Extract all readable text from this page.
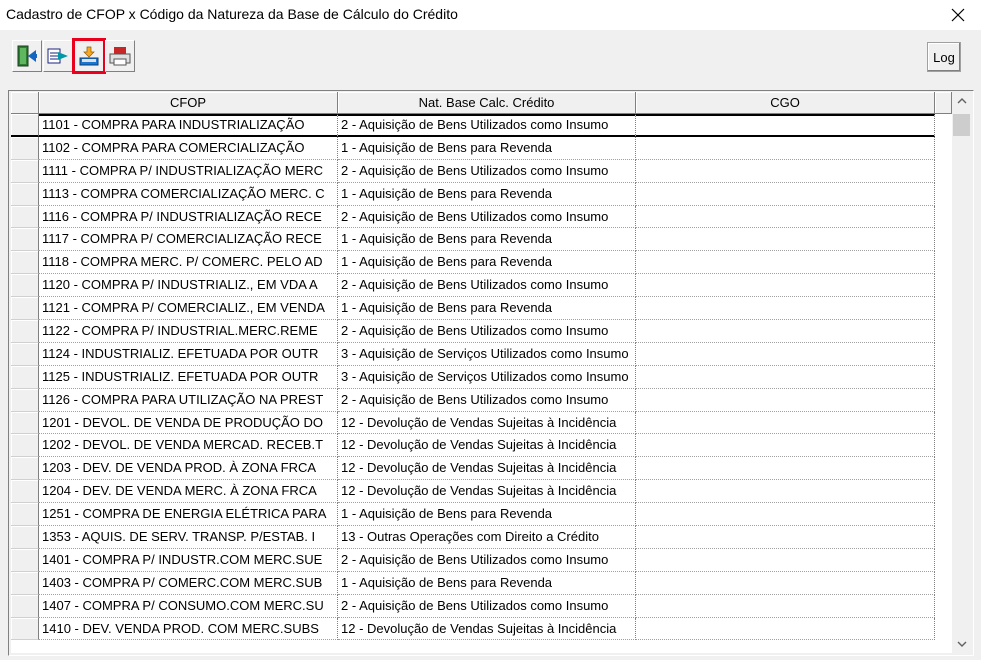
Cadastro de CFOP x Código da Natureza da Base de Cálculo do Crédito
Log
CFOP	Nat. Base Calc. Crédito	CGO
1101 - COMPRA PARA INDUSTRIALIZAÇÃO	2 - Aquisição de Bens Utilizados como Insumo
1102 - COMPRA PARA COMERCIALIZAÇÃO	1 - Aquisição de Bens para Revenda
1111 - COMPRA P/ INDUSTRIALIZAÇÃO MERC	2 - Aquisição de Bens Utilizados como Insumo
1113 - COMPRA COMERCIALIZAÇÃO MERC. C	1 - Aquisição de Bens para Revenda
1116 - COMPRA P/ INDUSTRIALIZAÇÃO RECE	2 - Aquisição de Bens Utilizados como Insumo
1117 - COMPRA P/ COMERCIALIZAÇÃO RECE	1 - Aquisição de Bens para Revenda
1118 - COMPRA MERC. P/ COMERC. PELO AD	1 - Aquisição de Bens para Revenda
1120 - COMPRA P/ INDUSTRIALIZ., EM VDA A	2 - Aquisição de Bens Utilizados como Insumo
1121 - COMPRA P/ COMERCIALIZ., EM VENDA	1 - Aquisição de Bens para Revenda
1122 - COMPRA P/ INDUSTRIAL.MERC.REME	2 - Aquisição de Bens Utilizados como Insumo
1124 - INDUSTRIALIZ. EFETUADA POR OUTR	3 - Aquisição de Serviços Utilizados como Insumo
1125 - INDUSTRIALIZ. EFETUADA POR OUTR	3 - Aquisição de Serviços Utilizados como Insumo
1126 - COMPRA PARA UTILIZAÇÃO NA PREST	2 - Aquisição de Bens Utilizados como Insumo
1201 - DEVOL. DE VENDA DE PRODUÇÃO DO	12 - Devolução de Vendas Sujeitas à Incidência
1202 - DEVOL. DE VENDA MERCAD. RECEB.T	12 - Devolução de Vendas Sujeitas à Incidência
1203 - DEV. DE VENDA PROD. À ZONA FRCA	12 - Devolução de Vendas Sujeitas à Incidência
1204 - DEV. DE VENDA MERC. À ZONA FRCA	12 - Devolução de Vendas Sujeitas à Incidência
1251 - COMPRA DE ENERGIA ELÉTRICA PARA	1 - Aquisição de Bens para Revenda
1353 - AQUIS. DE SERV. TRANSP. P/ESTAB. I	13 - Outras Operações com Direito a Crédito
1401 - COMPRA P/ INDUSTR.COM MERC.SUE	2 - Aquisição de Bens Utilizados como Insumo
1403 - COMPRA P/ COMERC.COM MERC.SUB	1 - Aquisição de Bens para Revenda
1407 - COMPRA P/ CONSUMO.COM MERC.SU	2 - Aquisição de Bens Utilizados como Insumo
1410 - DEV. VENDA PROD. COM MERC.SUBS	12 - Devolução de Vendas Sujeitas à Incidência
